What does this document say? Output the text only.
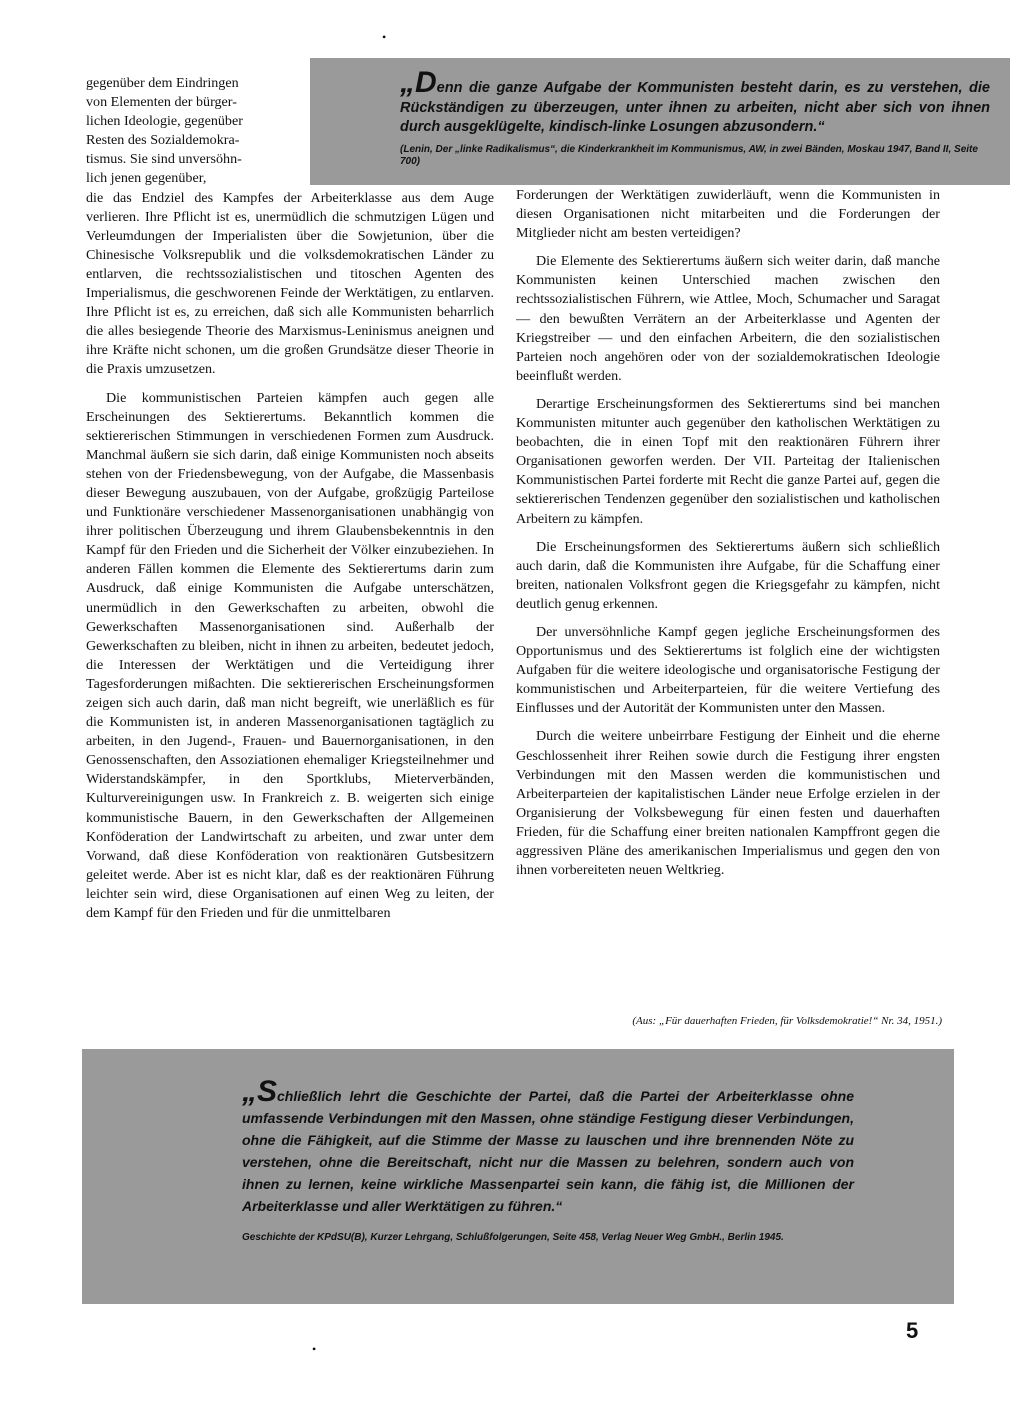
•
„Denn die ganze Aufgabe der Kommunisten besteht darin, es zu verstehen, die Rückständigen zu überzeugen, unter ihnen zu arbeiten, nicht aber sich von ihnen durch ausgeklügelte, kindisch-linke Losungen abzusondern.“
(Lenin, Der „linke Radikalismus“, die Kinderkrankheit im Kommunismus, AW, in zwei Bänden, Moskau 1947, Band II, Seite 700)

gegenüber dem Eindringen
von Elementen der bürger-
lichen Ideologie, gegenüber
Resten des Sozialdemokra-
tismus. Sie sind unversöhn-
lich jenen gegenüber,
die das Endziel des Kampfes der Arbeiterklasse aus dem Auge verlieren. Ihre Pflicht ist es, unermüdlich die schmutzigen Lügen und Verleumdungen der Imperialisten über die Sowjetunion, über die Chinesische Volksrepublik und die volksdemokratischen Länder zu entlarven, die rechtssozialistischen und titoschen Agenten des Imperialismus, die geschworenen Feinde der Werktätigen, zu entlarven. Ihre Pflicht ist es, zu erreichen, daß sich alle Kommunisten beharrlich die alles besiegende Theorie des Marxismus-Leninismus aneignen und ihre Kräfte nicht schonen, um die großen Grundsätze dieser Theorie in die Praxis umzusetzen.

Die kommunistischen Parteien kämpfen auch gegen alle Erscheinungen des Sektierertums. Bekanntlich kommen die sektiererischen Stimmungen in verschiedenen Formen zum Ausdruck. Manchmal äußern sie sich darin, daß einige Kommunisten noch abseits stehen von der Friedensbewegung, von der Aufgabe, die Massenbasis dieser Bewegung auszubauen, von der Aufgabe, großzügig Parteilose und Funktionäre verschiedener Massenorganisationen unabhängig von ihrer politischen Überzeugung und ihrem Glaubensbekenntnis in den Kampf für den Frieden und die Sicherheit der Völker einzubeziehen. In anderen Fällen kommen die Elemente des Sektierertums darin zum Ausdruck, daß einige Kommunisten die Aufgabe unterschätzen, unermüdlich in den Gewerkschaften zu arbeiten, obwohl die Gewerkschaften Massenorganisationen sind. Außerhalb der Gewerkschaften zu bleiben, nicht in ihnen zu arbeiten, bedeutet jedoch, die Interessen der Werktätigen und die Verteidigung ihrer Tagesforderungen mißachten. Die sektiererischen Erscheinungsformen zeigen sich auch darin, daß man nicht begreift, wie unerläßlich es für die Kommunisten ist, in anderen Massenorganisationen tagtäglich zu arbeiten, in den Jugend-, Frauen- und Bauernorganisationen, in den Genossenschaften, den Assoziationen ehemaliger Kriegsteilnehmer und Widerstandskämpfer, in den Sportklubs, Mieterverbänden, Kulturvereinigungen usw. In Frankreich z. B. weigerten sich einige kommunistische Bauern, in den Gewerkschaften der Allgemeinen Konföderation der Landwirtschaft zu arbeiten, und zwar unter dem Vorwand, daß diese Konföderation von reaktionären Gutsbesitzern geleitet werde. Aber ist es nicht klar, daß es der reaktionären Führung leichter sein wird, diese Organisationen auf einen Weg zu leiten, der dem Kampf für den Frieden und für die unmittelbaren

Forderungen der Werktätigen zuwiderläuft, wenn die Kommunisten in diesen Organisationen nicht mitarbeiten und die Forderungen der Mitglieder nicht am besten verteidigen?

Die Elemente des Sektierertums äußern sich weiter darin, daß manche Kommunisten keinen Unterschied machen zwischen den rechtssozialistischen Führern, wie Attlee, Moch, Schumacher und Saragat — den bewußten Verrätern an der Arbeiterklasse und Agenten der Kriegstreiber — und den einfachen Arbeitern, die den sozialistischen Parteien noch angehören oder von der sozialdemokratischen Ideologie beeinflußt werden.

Derartige Erscheinungsformen des Sektierertums sind bei manchen Kommunisten mitunter auch gegenüber den katholischen Werktätigen zu beobachten, die in einen Topf mit den reaktionären Führern ihrer Organisationen geworfen werden. Der VII. Parteitag der Italienischen Kommunistischen Partei forderte mit Recht die ganze Partei auf, gegen die sektiererischen Tendenzen gegenüber den sozialistischen und katholischen Arbeitern zu kämpfen.

Die Erscheinungsformen des Sektierertums äußern sich schließlich auch darin, daß die Kommunisten ihre Aufgabe, für die Schaffung einer breiten, nationalen Volksfront gegen die Kriegsgefahr zu kämpfen, nicht deutlich genug erkennen.

Der unversöhnliche Kampf gegen jegliche Erscheinungsformen des Opportunismus und des Sektierertums ist folglich eine der wichtigsten Aufgaben für die weitere ideologische und organisatorische Festigung der kommunistischen und Arbeiterparteien, für die weitere Vertiefung des Einflusses und der Autorität der Kommunisten unter den Massen.

Durch die weitere unbeirrbare Festigung der Einheit und die eherne Geschlossenheit ihrer Reihen sowie durch die Festigung ihrer engsten Verbindungen mit den Massen werden die kommunistischen und Arbeiterparteien der kapitalistischen Länder neue Erfolge erzielen in der Organisierung der Volksbewegung für einen festen und dauerhaften Frieden, für die Schaffung einer breiten nationalen Kampffront gegen die aggressiven Pläne des amerikanischen Imperialismus und gegen den von ihnen vorbereiteten neuen Weltkrieg.

(Aus: „Für dauerhaften Frieden, für Volksdemokratie!“ Nr. 34, 1951.)
„Schließlich lehrt die Geschichte der Partei, daß die Partei der Arbeiterklasse ohne umfassende Verbindungen mit den Massen, ohne ständige Festigung dieser Verbindungen, ohne die Fähigkeit, auf die Stimme der Masse zu lauschen und ihre brennenden Nöte zu verstehen, ohne die Bereitschaft, nicht nur die Massen zu belehren, sondern auch von ihnen zu lernen, keine wirkliche Massenpartei sein kann, die fähig ist, die Millionen der Arbeiterklasse und aller Werktätigen zu führen.“
Geschichte der KPdSU(B), Kurzer Lehrgang, Schlußfolgerungen, Seite 458, Verlag Neuer Weg GmbH., Berlin 1945.
5
•
